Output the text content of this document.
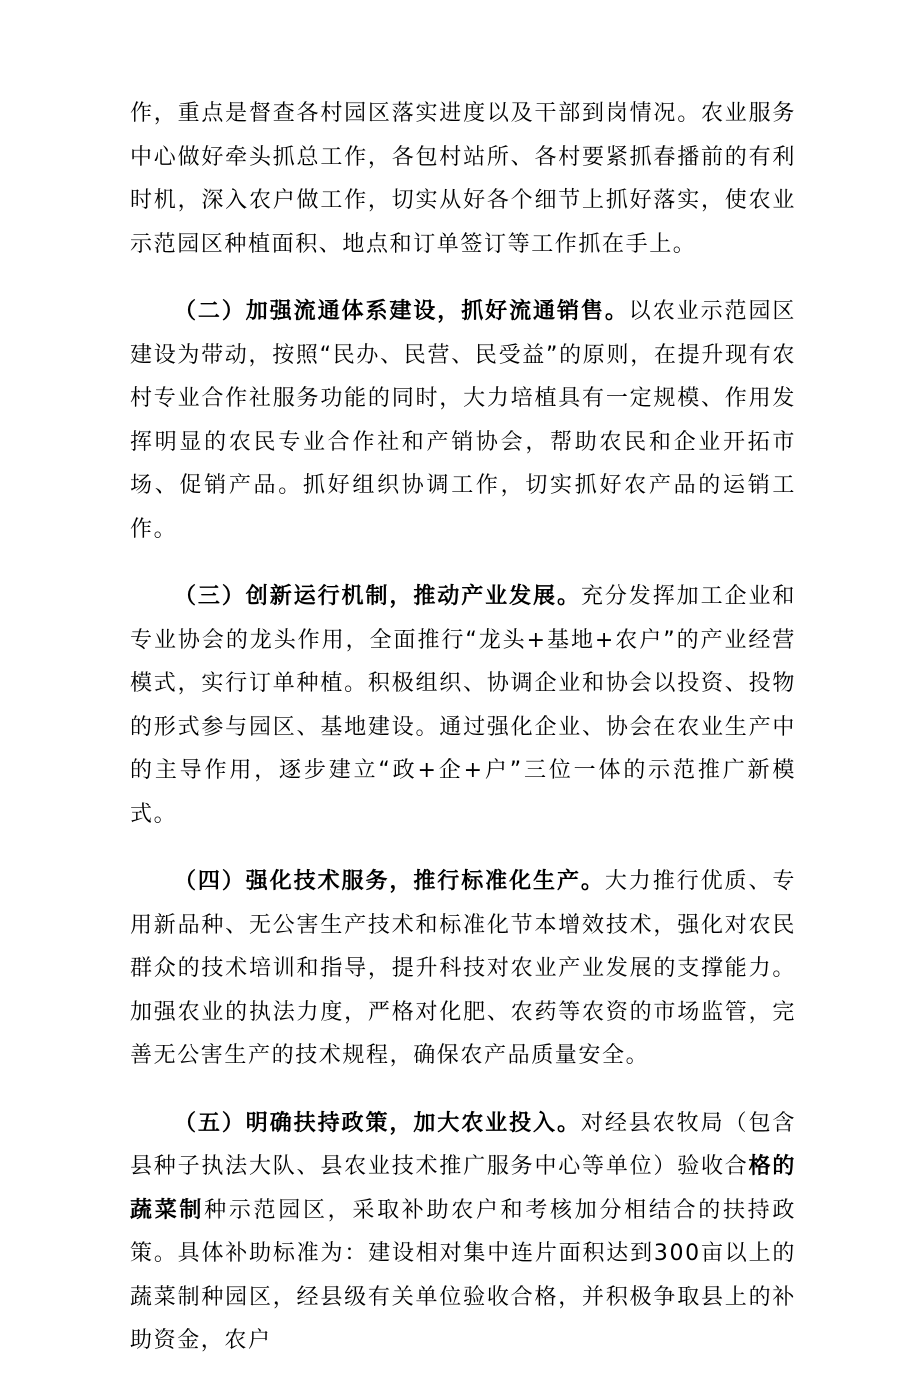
作，重点是督查各村园区落实进度以及干部到岗情况。农业服务中心做好牵头抓总工作，各包村站所、各村要紧抓春播前的有利时机，深入农户做工作，切实从好各个细节上抓好落实，使农业示范园区种植面积、地点和订单签订等工作抓在手上。

（二）加强流通体系建设，抓好流通销售。以农业示范园区建设为带动，按照“民办、民营、民受益”的原则，在提升现有农村专业合作社服务功能的同时，大力培植具有一定规模、作用发挥明显的农民专业合作社和产销协会，帮助农民和企业开拓市场、促销产品。抓好组织协调工作，切实抓好农产品的运销工作。

（三）创新运行机制，推动产业发展。充分发挥加工企业和专业协会的龙头作用，全面推行“龙头+基地+农户”的产业经营模式，实行订单种植。积极组织、协调企业和协会以投资、投物的形式参与园区、基地建设。通过强化企业、协会在农业生产中的主导作用，逐步建立“政+企+户”三位一体的示范推广新模式。

（四）强化技术服务，推行标准化生产。大力推行优质、专用新品种、无公害生产技术和标准化节本增效技术，强化对农民群众的技术培训和指导，提升科技对农业产业发展的支撑能力。加强农业的执法力度，严格对化肥、农药等农资的市场监管，完善无公害生产的技术规程，确保农产品质量安全。

（五）明确扶持政策，加大农业投入。对经县农牧局（包含县种子执法大队、县农业技术推广服务中心等单位）验收合格的蔬菜制种示范园区，采取补助农户和考核加分相结合的扶持政策。具体补助标准为：建设相对集中连片面积达到300亩以上的蔬菜制种园区，经县级有关单位验收合格，并积极争取县上的补助资金，农户
